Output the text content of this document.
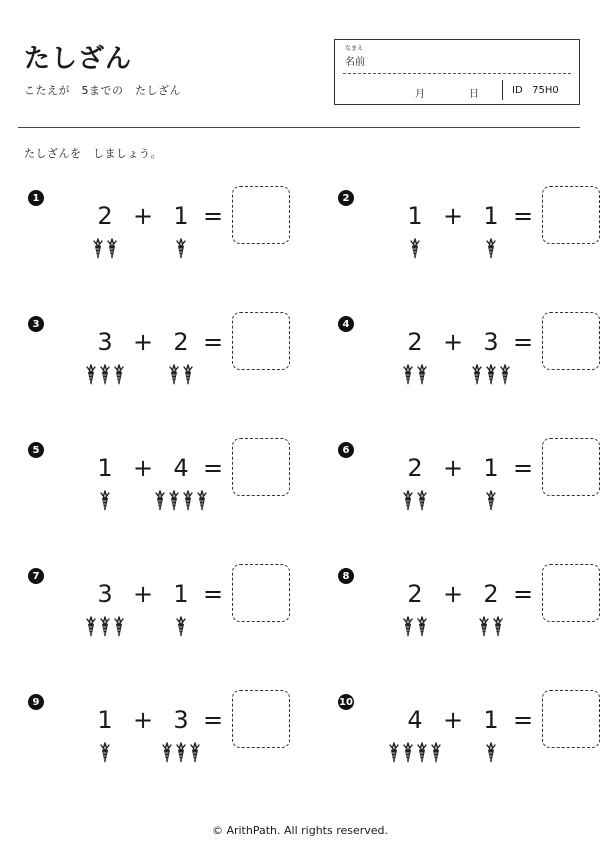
たしざん
こたえが　5までの　たしざん
なまえ
名前
月	日	ID   75H0
たしざんを　しましょう。
1
2 + 1 =
2
1 + 1 =
3
3 + 2 =
4
2 + 3 =
5
1 + 4 =
6
2 + 1 =
7
3 + 1 =
8
2 + 2 =
9
1 + 3 =
10
4 + 1 =
© ArithPath. All rights reserved.
